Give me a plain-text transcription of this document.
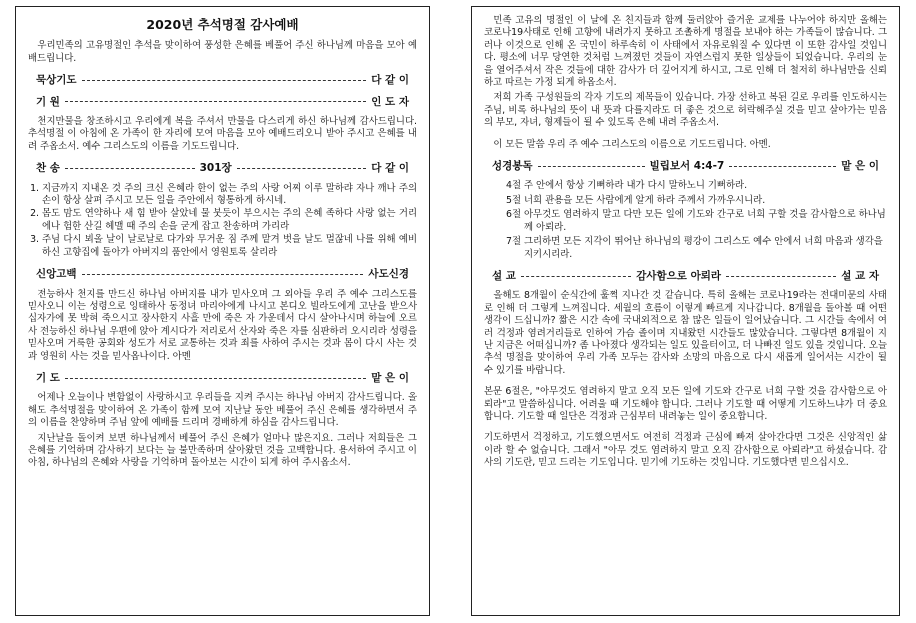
2020년 추석명절 감사예배

우리민족의 고유명절인 추석을 맞이하여 풍성한 은혜를 베풀어 주신 하나님께 마음을 모아 예배드립니다.

묵상기도	다 같 이
기 원	인 도 자

천지만물을 창조하시고 우리에게 복을 주셔서 만물을 다스리게 하신 하나님께 감사드립니다. 추석명절 이 아침에 온 가족이 한 자리에 모여 마음을 모아 예배드리오니 받아 주시고 은혜를 내려 주옵소서. 예수 그리스도의 이름을 기도드립니다.

찬 송	301장	다 같 이
1. 지금까지 지내온 것 주의 크신 은혜라 한이 없는 주의 사랑 어찌 이루 말하랴 자나 깨나 주의 손이 항상 살펴 주시고 모든 일을 주안에서 형통하게 하시네.
2. 몸도 맘도 연약하나 새 힘 받아 살았네 물 붓듯이 부으시는 주의 은혜 족하다 사랑 없는 거리에나 험한 산길 헤맬 때 주의 손을 굳게 잡고 찬송하며 가리라
3. 주님 다시 뵈올 날이 날로날로 다가와 무거운 짐 주께 맡겨 벗을 날도 멀잖네 나를 위해 예비하신 고향집에 돌아가 아버지의 품안에서 영원토록 살리라
신앙고백	사도신경

전능하사 천지를 만드신 하나님 아버지를 내가 믿사오며 그 외아들 우리 주 예수 그리스도를 믿사오니 이는 성령으로 잉태하사 동정녀 마리아에게 나시고 본디오 빌라도에게 고난을 받으사 십자가에 못 박혀 죽으시고 장사한지 사흘 만에 죽은 자 가운데서 다시 살아나시며 하늘에 오르사 전능하신 하나님 우편에 앉아 계시다가 저리로서 산자와 죽은 자를 심판하러 오시리라 성령을 믿사오며 거룩한 공회와 성도가 서로 교통하는 것과 죄를 사하여 주시는 것과 몸이 다시 사는 것과 영원히 사는 것을 믿사옵나이다. 아멘

기 도	맡 은 이

어제나 오늘이나 변함없이 사랑하시고 우리들을 지켜 주시는 하나님 아버지 감사드립니다. 올해도 추석명절을 맞이하여 온 가족이 함께 모여 지난날 동안 베풀어 주신 은혜를 생각하면서 주의 이름을 찬양하며 주님 앞에 예배를 드리며 경배하게 하심을 감사드립니다.

지난날을 돌이켜 보면 하나님께서 베풀어 주신 은혜가 얼마나 많은지요. 그러나 저희들은 그 은혜를 기억하며 감사하기 보다는 늘 불만족하며 살아왔던 것을 고백합니다. 용서하여 주시고 이 아침, 하나님의 은혜와 사랑을 기억하며 돌아보는 시간이 되게 하여 주시옵소서.

민족 고유의 명절인 이 날에 온 친지들과 함께 둘러앉아 즐거운 교제를 나누어야 하지만 올해는 코로나19사태로 인해 고향에 내려가지 못하고 조촐하게 명절을 보내야 하는 가족들이 많습니다. 그러나 이것으로 인해 온 국민이 하루속히 이 사태에서 자유로워질 수 있다면 이 또한 감사일 것입니다. 평소에 너무 당연한 것처럼 느껴졌던 것들이 자연스럽지 못한 일상들이 되었습니다. 우리의 눈을 열어주셔서 작은 것들에 대한 감사가 더 깊어지게 하시고, 그로 인해 더 철저히 하나님만을 신뢰하고 따르는 가정 되게 하옵소서.

저희 가족 구성원들의 각자 기도의 제목들이 있습니다. 가장 선하고 복된 길로 우리를 인도하시는 주님, 비록 하나님의 뜻이 내 뜻과 다를지라도 더 좋은 것으로 허락해주실 것을 믿고 살아가는 믿음의 부모, 자녀, 형제들이 될 수 있도록 은혜 내려 주옵소서.

이 모든 말씀 우리 주 예수 그리스도의 이름으로 기도드립니다. 아멘.

성경봉독	빌립보서 4:4-7	맡 은 이
4절 주 안에서 항상 기뻐하라 내가 다시 말하노니 기뻐하라.
5절 너희 관용을 모든 사람에게 알게 하라 주께서 가까우시니라.
6절 아무것도 염려하지 말고 다만 모든 일에 기도와 간구로 너희 구할 것을 감사함으로 하나님께 아뢰라.
7절 그리하면 모든 지각이 뛰어난 하나님의 평강이 그리스도 예수 안에서 너희 마음과 생각을 지키시리라.
설 교	감사함으로 아뢰라	설 교 자

올해도 8개월이 순식간에 훌쩍 지나간 것 같습니다. 특히 올해는 코로나19라는 전대미문의 사태로 인해 더 그렇게 느껴집니다. 세월의 흐름이 이렇게 빠르게 지나갑니다. 8개월을 돌아볼 때 어떤 생각이 드십니까? 짧은 시간 속에 국내외적으로 참 많은 일들이 일어났습니다. 그 시간들 속에서 여러 걱정과 염려거리들로 인하여 가슴 졸이며 지내왔던 시간들도 많았습니다. 그렇다면 8개월이 지난 지금은 어떠십니까? 좀 나아졌다 생각되는 일도 있을터이고, 더 나빠진 일도 있을 것입니다. 오늘 추석 명절을 맞이하여 우리 가족 모두는 감사와 소망의 마음으로 다시 새롭게 일어서는 시간이 될 수 있기를 바랍니다.

본문 6절은, "아무것도 염려하지 말고 오직 모든 일에 기도와 간구로 너희 구할 것을 감사함으로 아뢰라"고 말씀하십니다. 어려울 때 기도해야 합니다. 그러나 기도할 때 어떻게 기도하느냐가 더 중요합니다. 기도할 때 일단은 걱정과 근심부터 내려놓는 일이 중요합니다.

기도하면서 걱정하고, 기도했으면서도 여전히 걱정과 근심에 빠져 살아간다면 그것은 신앙적인 삶이라 할 수 없습니다. 그래서 "아무 것도 염려하지 말고 오직 감사함으로 아뢰라"고 하셨습니다. 감사의 기도란, 믿고 드리는 기도입니다. 믿기에 기도하는 것입니다. 기도했다면 믿으십시오.
